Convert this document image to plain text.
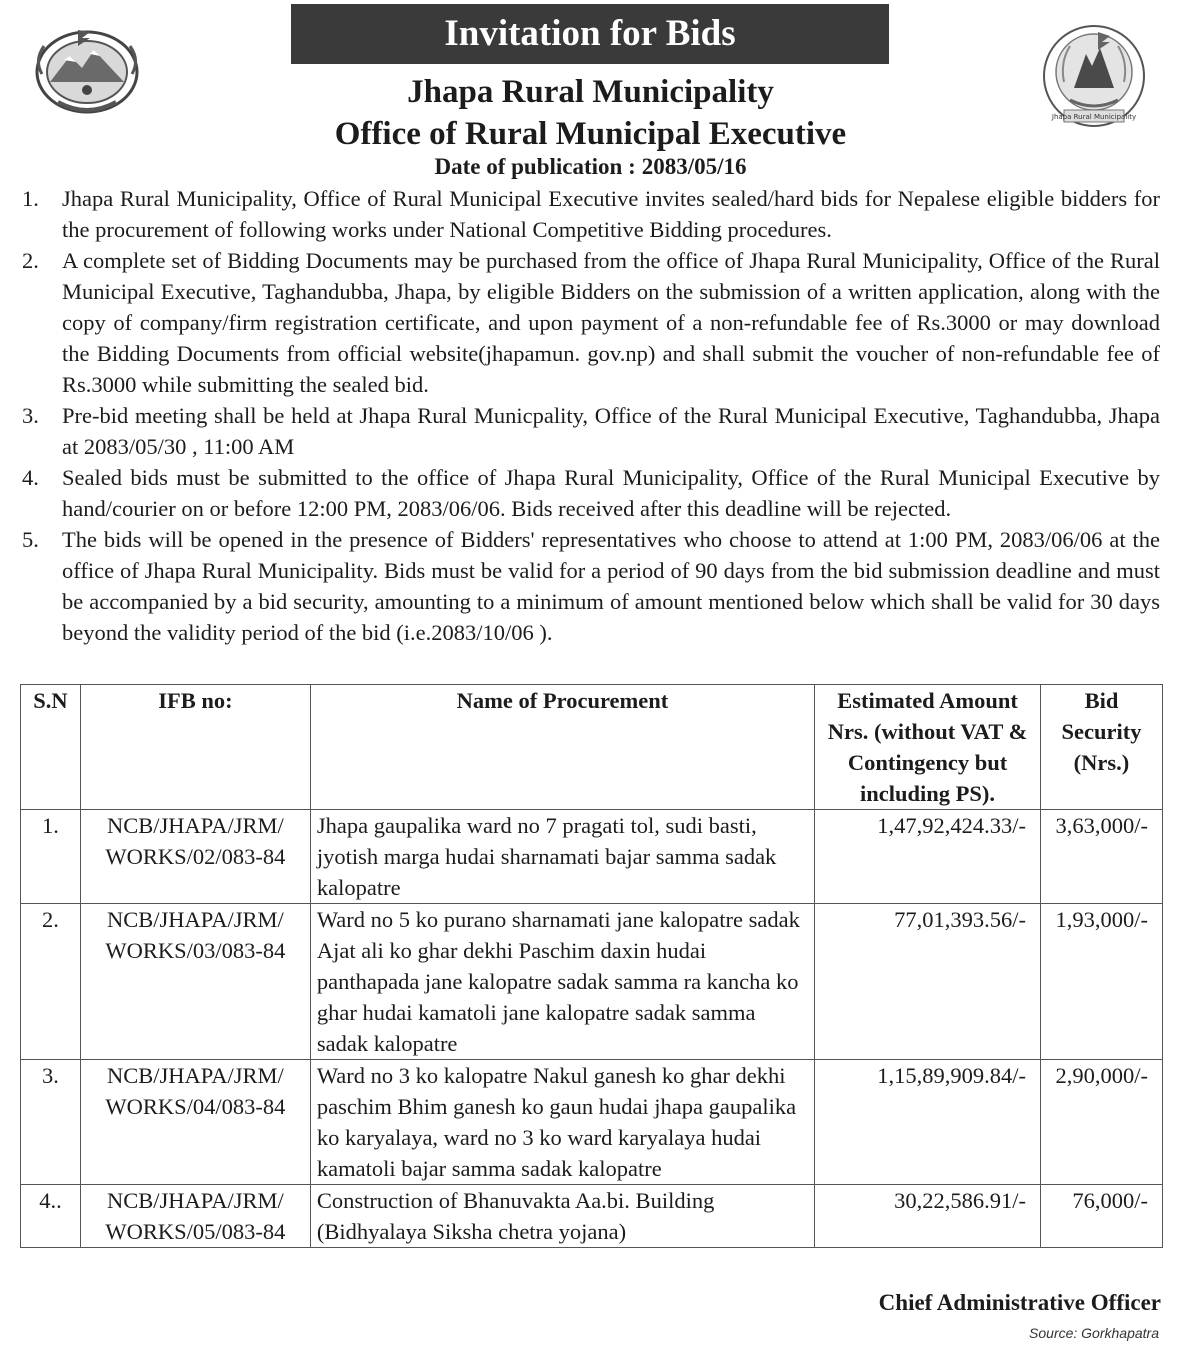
Jhapa Rural Municipality
Invitation for Bids
Jhapa Rural Municipality
Office of Rural Municipal Executive
Date of publication : 2083/05/16
1. Jhapa Rural Municipality, Office of Rural Municipal Executive invites sealed/hard bids for Nepalese eligible bidders for the procurement of following works under National Competitive Bidding procedures.
2. A complete set of Bidding Documents may be purchased from the office of Jhapa Rural Municipality, Office of the Rural Municipal Executive, Taghandubba, Jhapa, by eligible Bidders on the submission of a written application, along with the copy of company/firm registration certificate, and upon payment of a non-refundable fee of Rs.3000 or may download the Bidding Documents from official website(jhapamun. gov.np) and shall submit the voucher of non-refundable fee of Rs.3000 while submitting the sealed bid.
3. Pre-bid meeting shall be held at Jhapa Rural Municpality, Office of the Rural Municipal Executive, Taghandubba, Jhapa at 2083/05/30 , 11:00 AM
4. Sealed bids must be submitted to the office of Jhapa Rural Municipality, Office of the Rural Municipal Executive by hand/courier on or before 12:00 PM, 2083/06/06. Bids received after this deadline will be rejected.
5. The bids will be opened in the presence of Bidders' representatives who choose to attend at 1:00 PM, 2083/06/06 at the office of Jhapa Rural Municipality. Bids must be valid for a period of 90 days from the bid submission deadline and must be accompanied by a bid security, amounting to a minimum of amount mentioned below which shall be valid for 30 days beyond the validity period of the bid (i.e.2083/10/06 ).
S.N	IFB no:	Name of Procurement	Estimated Amount Nrs. (without VAT & Contingency but including PS).	Bid Security (Nrs.)
1.	NCB/JHAPA/JRM/ WORKS/02/083-84	Jhapa gaupalika ward no 7 pragati tol, sudi basti, jyotish marga hudai sharnamati bajar samma sadak kalopatre	1,47,92,424.33/-	3,63,000/-
2.	NCB/JHAPA/JRM/ WORKS/03/083-84	Ward no 5 ko purano sharnamati jane kalopatre sadak Ajat ali ko ghar dekhi Paschim daxin hudai panthapada jane kalopatre sadak samma ra kancha ko ghar hudai kamatoli jane kalopatre sadak samma sadak kalopatre	77,01,393.56/-	1,93,000/-
3.	NCB/JHAPA/JRM/ WORKS/04/083-84	Ward no 3 ko kalopatre Nakul ganesh ko ghar dekhi paschim Bhim ganesh ko gaun hudai jhapa gaupalika ko karyalaya, ward no 3 ko ward karyalaya hudai kamatoli bajar samma sadak kalopatre	1,15,89,909.84/-	2,90,000/-
4..	NCB/JHAPA/JRM/ WORKS/05/083-84	Construction of Bhanuvakta Aa.bi. Building (Bidhyalaya Siksha chetra yojana)	30,22,586.91/-	76,000/-
Chief Administrative Officer
Source: Gorkhapatra
